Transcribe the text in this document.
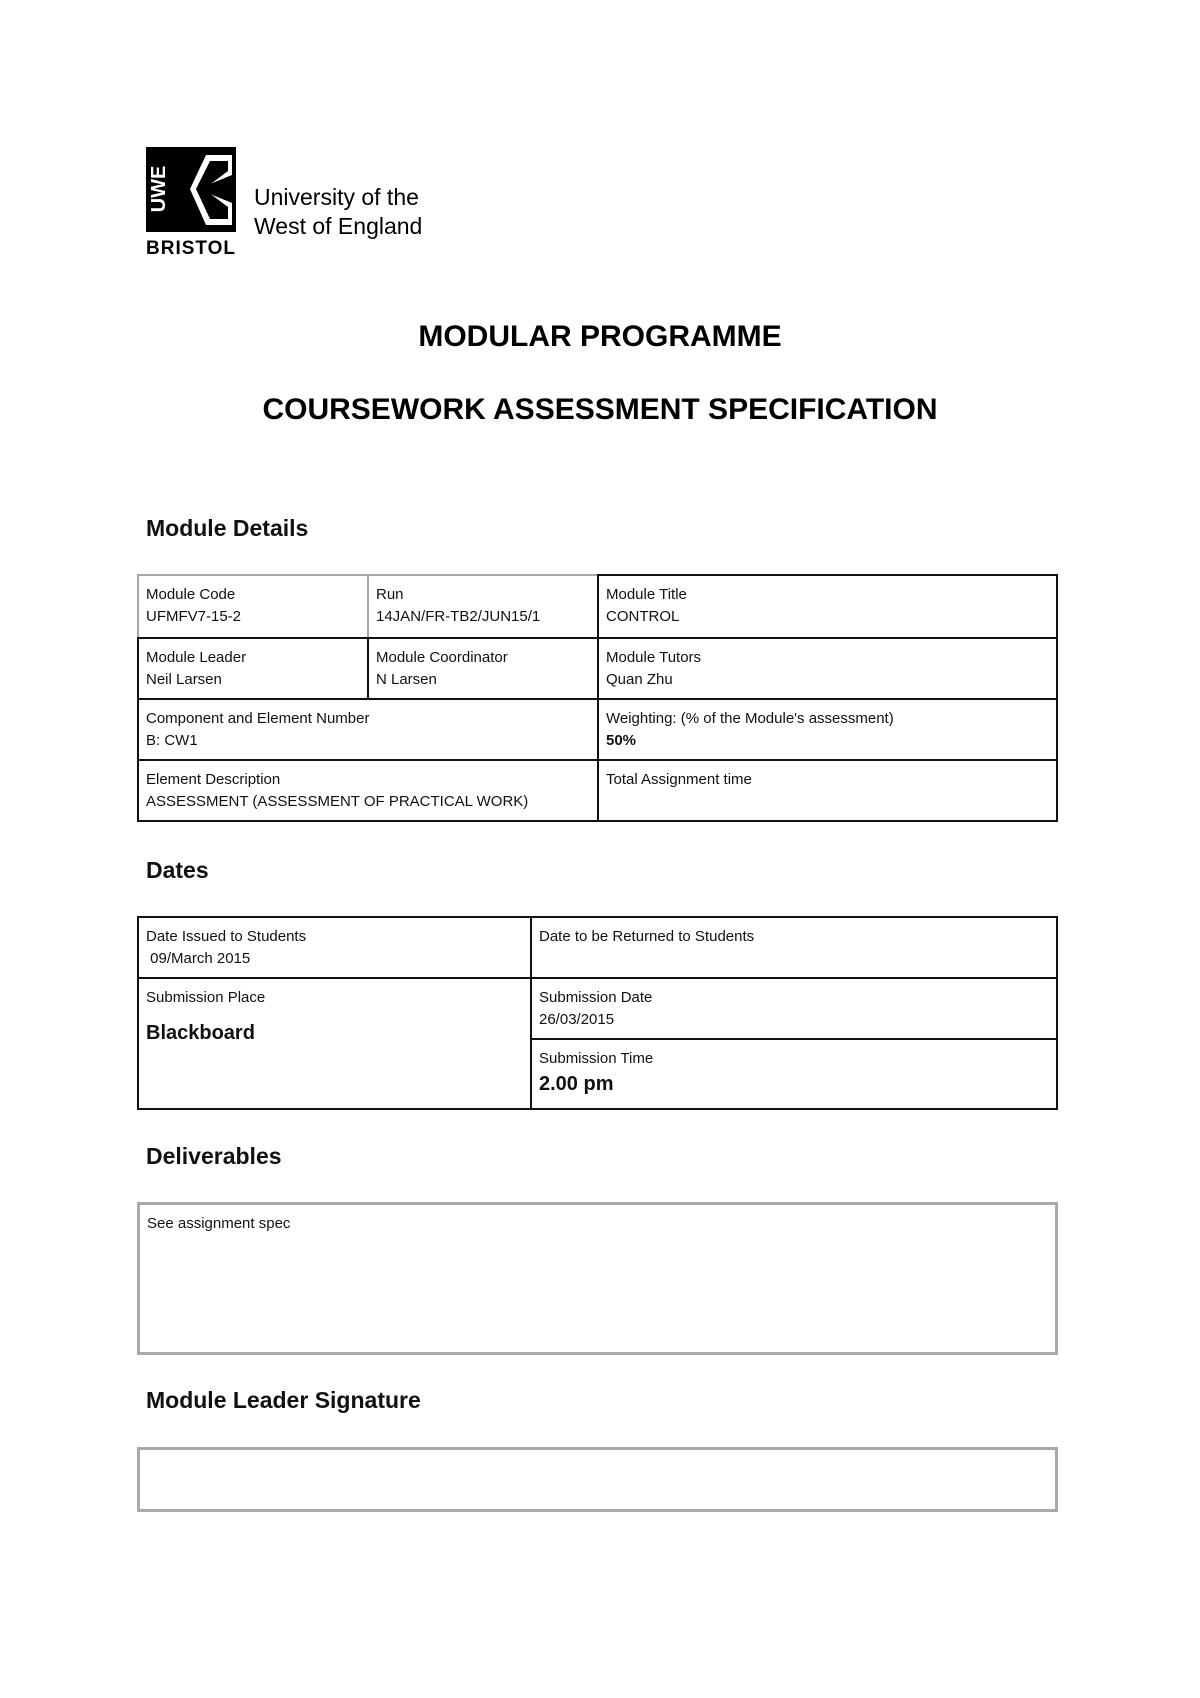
UWE
BRISTOL
University of the
West of England
MODULAR PROGRAMME
COURSEWORK ASSESSMENT SPECIFICATION
Module Details
Module Code
UFMFV7-15-2
Run
14JAN/FR-TB2/JUN15/1
Module Title
CONTROL
Module Leader
Neil Larsen
Module Coordinator
N Larsen
Module Tutors
Quan Zhu
Component and Element Number
B: CW1
Weighting: (% of the Module's assessment)
50%
Element Description
ASSESSMENT (ASSESSMENT OF PRACTICAL WORK)
Total Assignment time
Dates
Date Issued to Students
09/March 2015
Date to be Returned to Students
Submission Place
Blackboard
Submission Date
26/03/2015
Submission Time
2.00 pm
Deliverables
See assignment spec
Module Leader Signature
